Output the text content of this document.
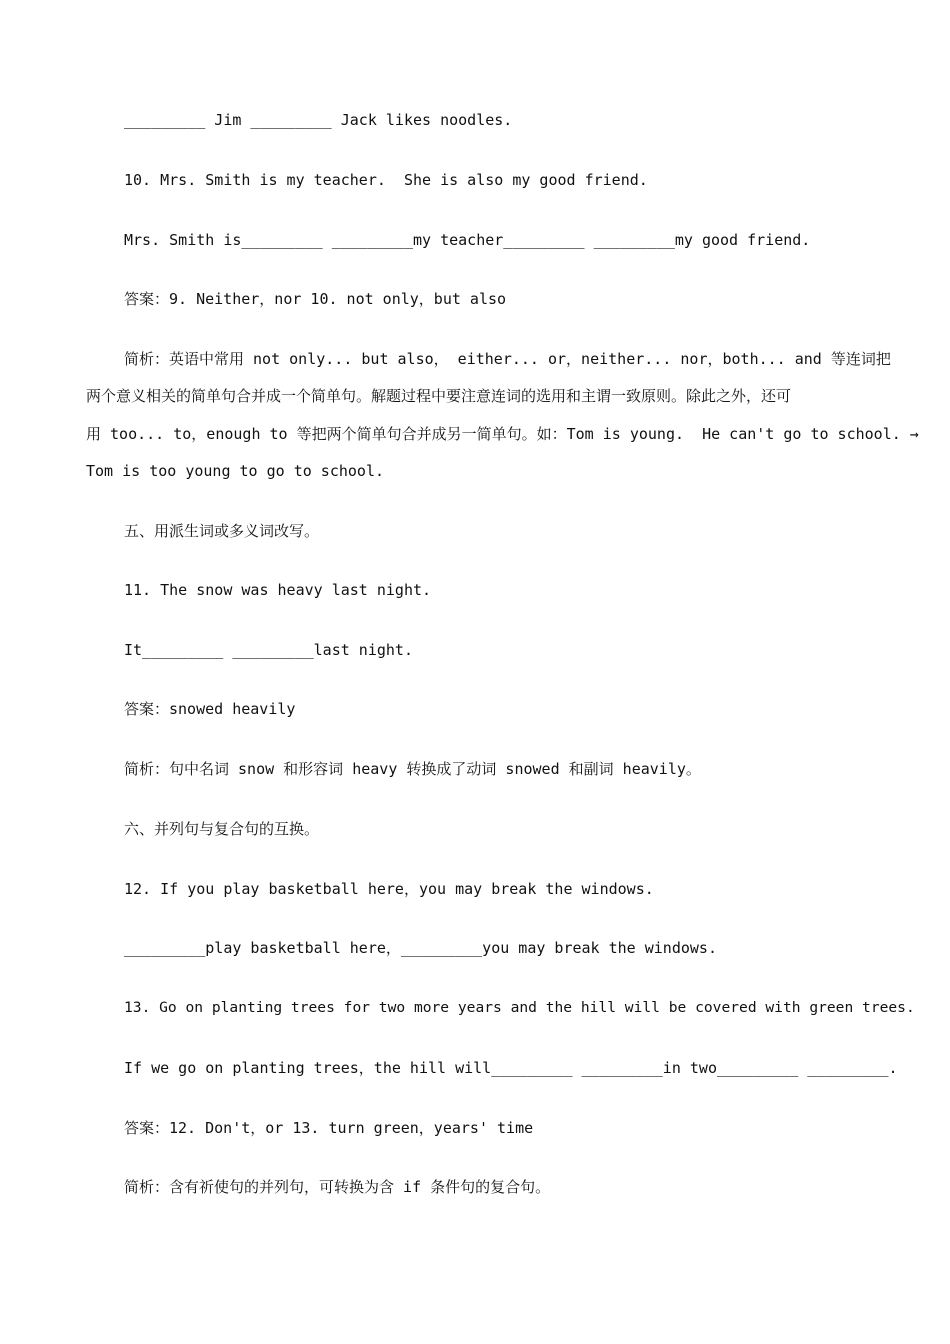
_________ Jim _________ Jack likes noodles.
10. Mrs. Smith is my teacher.  She is also my good friend.
Mrs. Smith is_________ _________my teacher_________ _________my good friend.
答案：9. Neither，nor 10. not only，but also
简析：英语中常用 not only... but also， either... or，neither... nor，both... and 等连词把
两个意义相关的简单句合并成一个简单句。解题过程中要注意连词的选用和主谓一致原则。除此之外，还可
用 too... to，enough to 等把两个简单句合并成另一简单句。如：Tom is young.  He can't go to school. →
Tom is too young to go to school.
五、用派生词或多义词改写。
11. The snow was heavy last night.
It_________ _________last night.
答案：snowed heavily
简析：句中名词 snow 和形容词 heavy 转换成了动词 snowed 和副词 heavily。
六、并列句与复合句的互换。
12. If you play basketball here，you may break the windows.
_________play basketball here，_________you may break the windows.
13. Go on planting trees for two more years and the hill will be covered with green trees.
If we go on planting trees，the hill will_________ _________in two_________ _________.
答案：12. Don't，or 13. turn green，years' time
简析：含有祈使句的并列句，可转换为含 if 条件句的复合句。
